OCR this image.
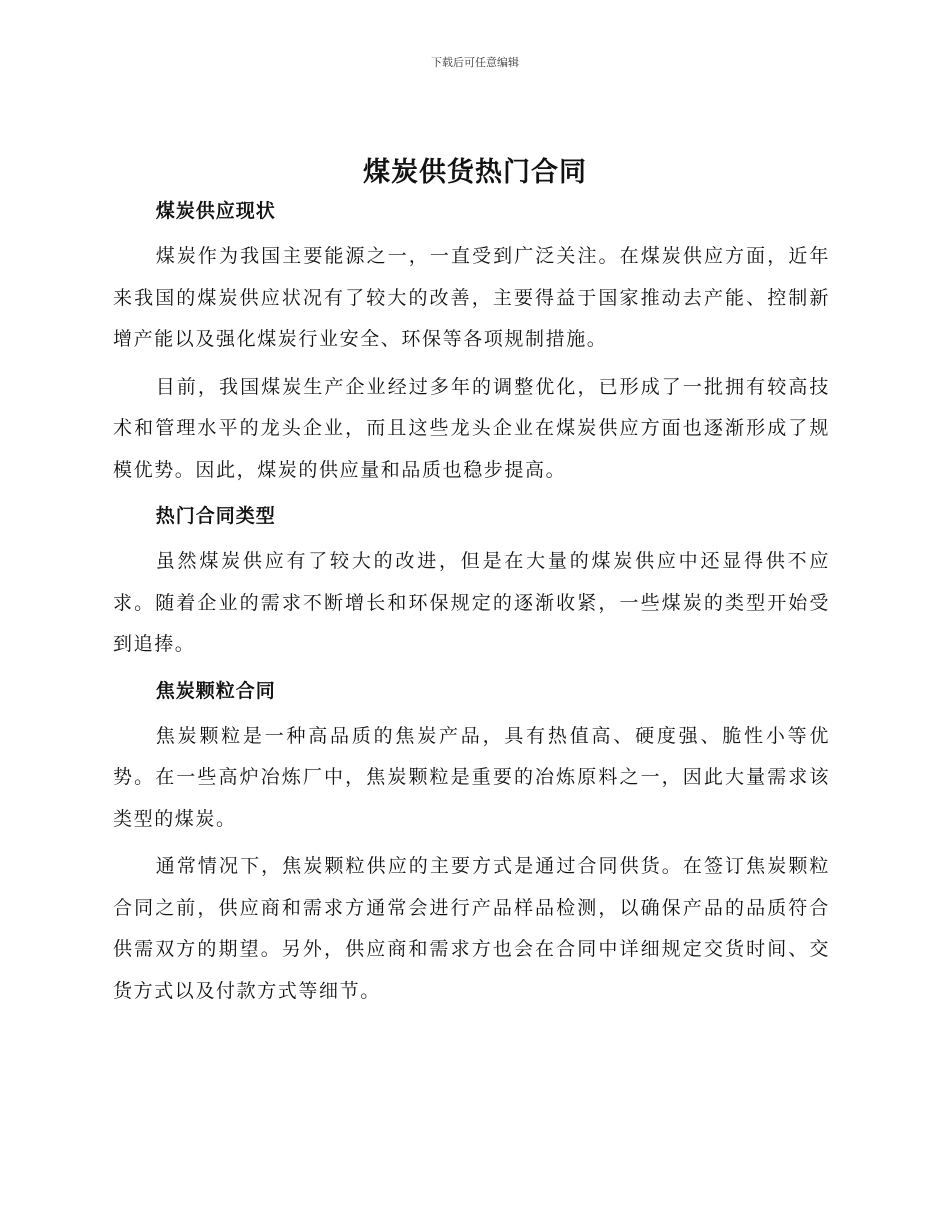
下载后可任意编辑
煤炭供货热门合同
煤炭供应现状

煤炭作为我国主要能源之一，一直受到广泛关注。在煤炭供应方面，近年来我国的煤炭供应状况有了较大的改善，主要得益于国家推动去产能、控制新增产能以及强化煤炭行业安全、环保等各项规制措施。

目前，我国煤炭生产企业经过多年的调整优化，已形成了一批拥有较高技术和管理水平的龙头企业，而且这些龙头企业在煤炭供应方面也逐渐形成了规模优势。因此，煤炭的供应量和品质也稳步提高。

热门合同类型

虽然煤炭供应有了较大的改进，但是在大量的煤炭供应中还显得供不应求。随着企业的需求不断增长和环保规定的逐渐收紧，一些煤炭的类型开始受到追捧。

焦炭颗粒合同

焦炭颗粒是一种高品质的焦炭产品，具有热值高、硬度强、脆性小等优势。在一些高炉冶炼厂中，焦炭颗粒是重要的冶炼原料之一，因此大量需求该类型的煤炭。

通常情况下，焦炭颗粒供应的主要方式是通过合同供货。在签订焦炭颗粒合同之前，供应商和需求方通常会进行产品样品检测，以确保产品的品质符合供需双方的期望。另外，供应商和需求方也会在合同中详细规定交货时间、交货方式以及付款方式等细节。
